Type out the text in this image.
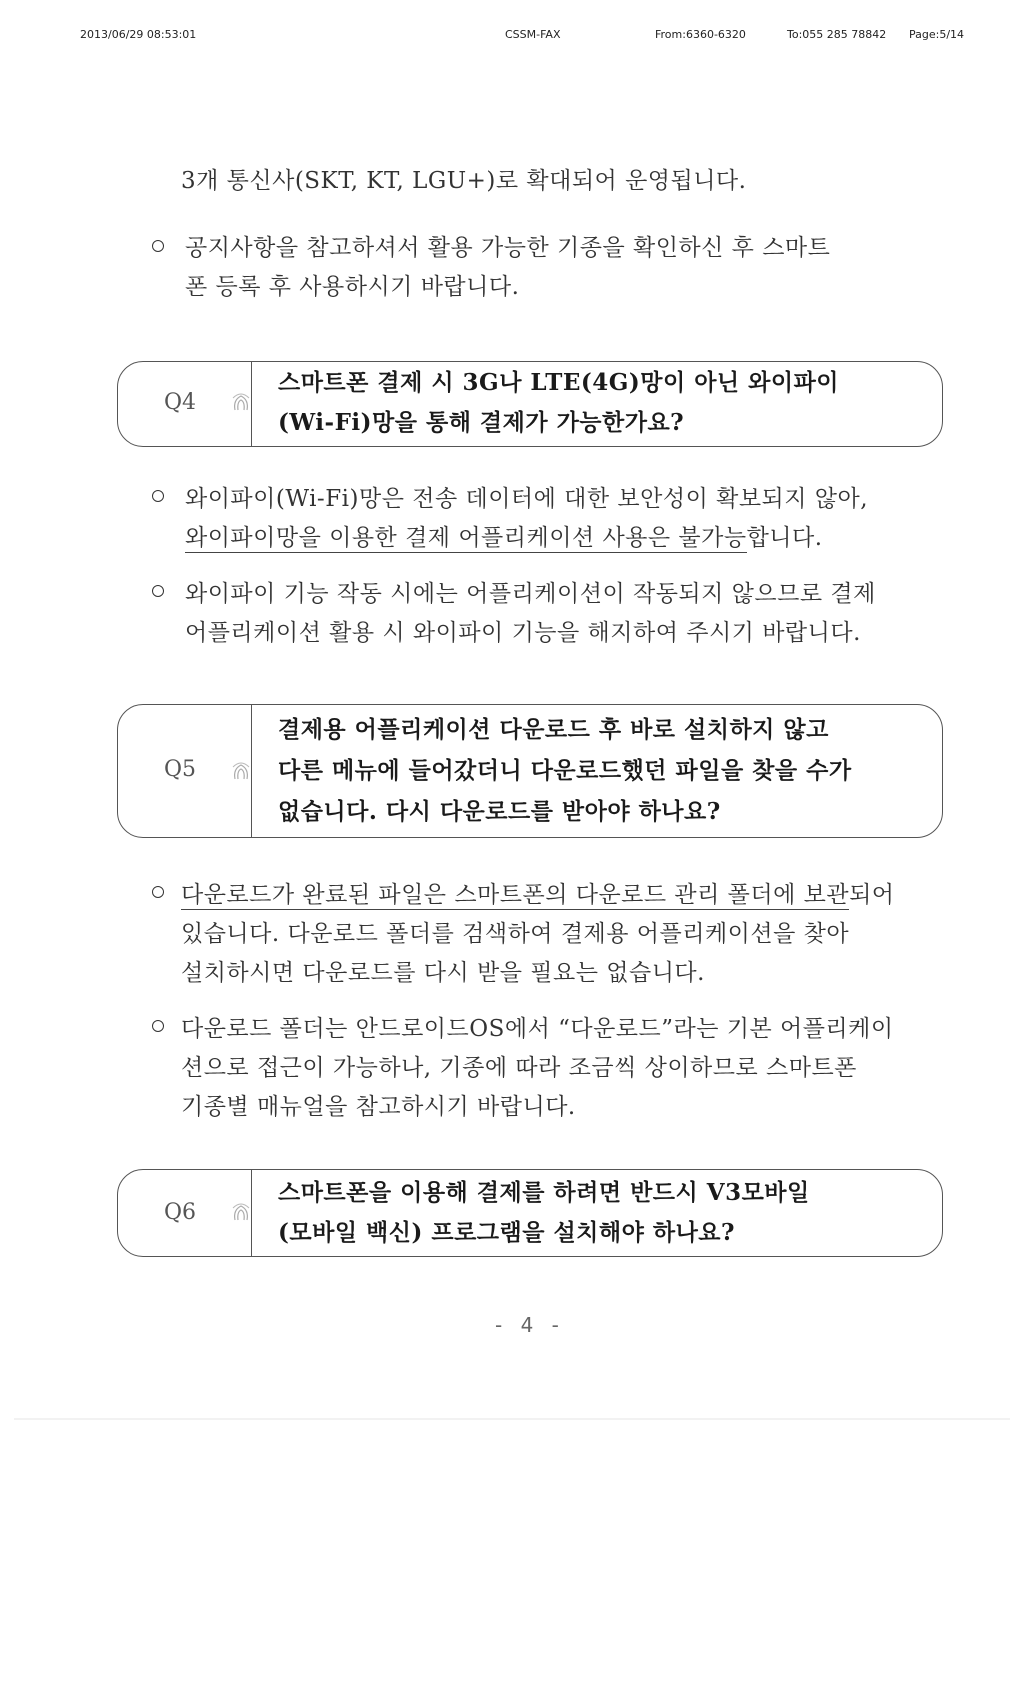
2013/06/29 08:53:01	CSSM-FAX	From:6360-6320	To:055 285 78842 Page:5/14
3개 통신사(SKT, KT, LGU+)로 확대되어 운영됩니다.
공지사항을 참고하셔서 활용 가능한 기종을 확인하신 후 스마트
폰 등록 후 사용하시기 바랍니다.
Q4
스마트폰 결제 시 3G나 LTE(4G)망이 아닌 와이파이
(Wi-Fi)망을 통해 결제가 가능한가요?
와이파이(Wi-Fi)망은 전송 데이터에 대한 보안성이 확보되지 않아,
와이파이망을 이용한 결제 어플리케이션 사용은 불가능합니다.
와이파이 기능 작동 시에는 어플리케이션이 작동되지 않으므로 결제
어플리케이션 활용 시 와이파이 기능을 해지하여 주시기 바랍니다.
Q5
결제용 어플리케이션 다운로드 후 바로 설치하지 않고
다른 메뉴에 들어갔더니 다운로드했던 파일을 찾을 수가
없습니다. 다시 다운로드를 받아야 하나요?
다운로드가 완료된 파일은 스마트폰의 다운로드 관리 폴더에 보관되어
있습니다. 다운로드 폴더를 검색하여 결제용 어플리케이션을 찾아
설치하시면 다운로드를 다시 받을 필요는 없습니다.
다운로드 폴더는 안드로이드OS에서 “다운로드”라는 기본 어플리케이
션으로 접근이 가능하나, 기종에 따라 조금씩 상이하므로 스마트폰
기종별 매뉴얼을 참고하시기 바랍니다.
Q6
스마트폰을 이용해 결제를 하려면 반드시 V3모바일
(모바일 백신) 프로그램을 설치해야 하나요?
- 4 -
